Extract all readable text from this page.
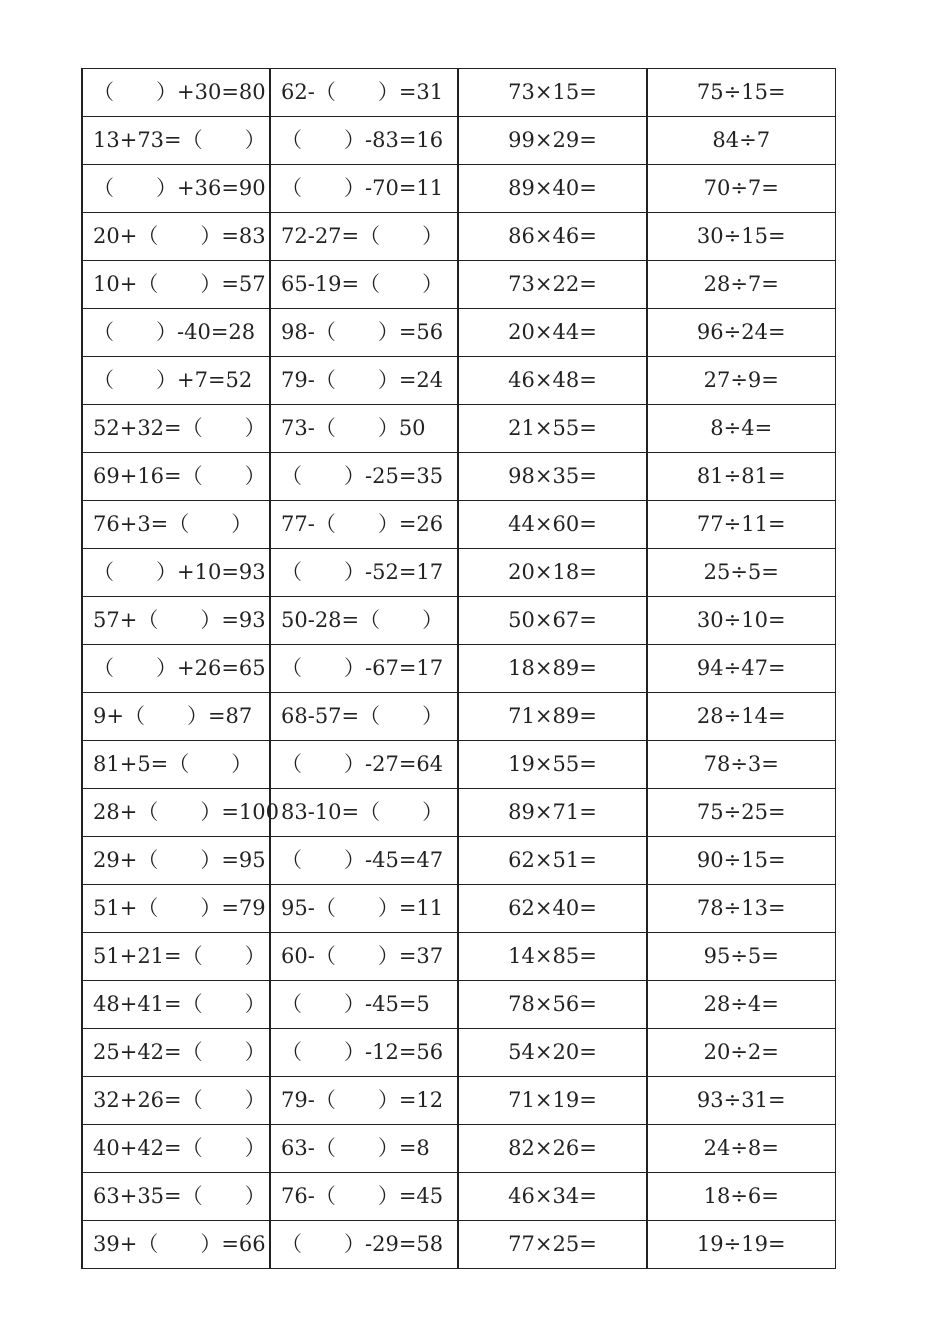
（　　）+30=80	62-（　　）=31	73×15=	75÷15=
13+73=（　　）	（　　）-83=16	99×29=	84÷7
（　　）+36=90	（　　）-70=11	89×40=	70÷7=
20+（　　）=83	72-27=（　　）	86×46=	30÷15=
10+（　　）=57	65-19=（　　）	73×22=	28÷7=
（　　）-40=28	98-（　　）=56	20×44=	96÷24=
（　　）+7=52	79-（　　）=24	46×48=	27÷9=
52+32=（　　）	73-（　　）50	21×55=	8÷4=
69+16=（　　）	（　　）-25=35	98×35=	81÷81=
76+3=（　　）	77-（　　）=26	44×60=	77÷11=
（　　）+10=93	（　　）-52=17	20×18=	25÷5=
57+（　　）=93	50-28=（　　）	50×67=	30÷10=
（　　）+26=65	（　　）-67=17	18×89=	94÷47=
9+（　　）=87	68-57=（　　）	71×89=	28÷14=
81+5=（　　）	（　　）-27=64	19×55=	78÷3=
28+（　　）=100	83-10=（　　）	89×71=	75÷25=
29+（　　）=95	（　　）-45=47	62×51=	90÷15=
51+（　　）=79	95-（　　）=11	62×40=	78÷13=
51+21=（　　）	60-（　　）=37	14×85=	95÷5=
48+41=（　　）	（　　）-45=5	78×56=	28÷4=
25+42=（　　）	（　　）-12=56	54×20=	20÷2=
32+26=（　　）	79-（　　）=12	71×19=	93÷31=
40+42=（　　）	63-（　　）=8	82×26=	24÷8=
63+35=（　　）	76-（　　）=45	46×34=	18÷6=
39+（　　）=66	（　　）-29=58	77×25=	19÷19=
